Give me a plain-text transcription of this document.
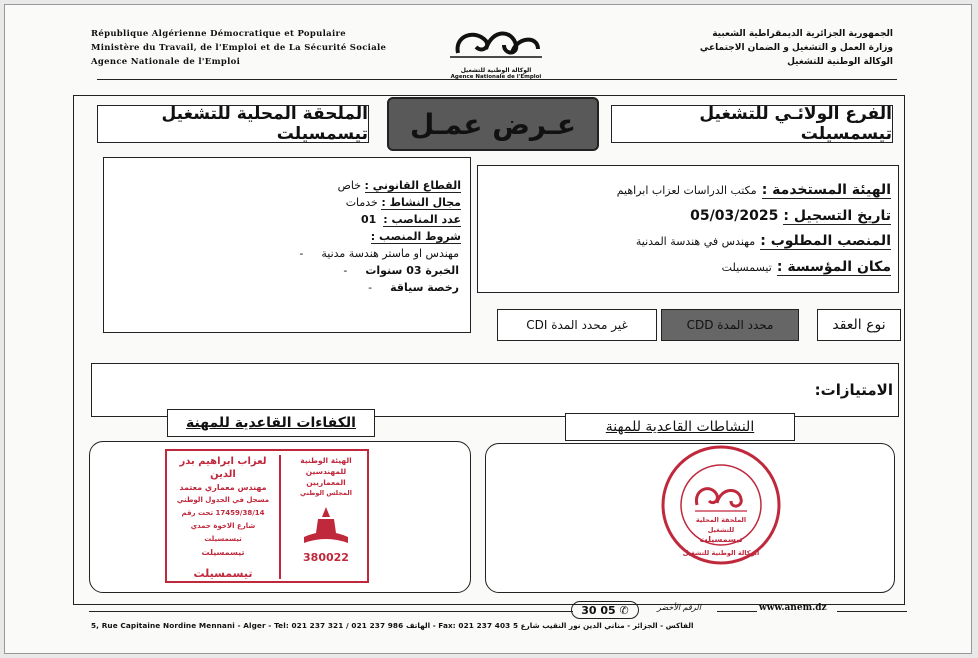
République Algérienne Démocratique et Populaire
Ministère du Travail, de l'Emploi et de La Sécurité Sociale
Agence Nationale de l'Emploi
الوكالة الوطنية للتشغيل
Agence Nationale de l'Emploi
الجمهورية الجزائرية الديمقراطية الشعبية
وزارة العمل و التشغيل و الضمان الاجتماعي
الوكالة الوطنية للتشغيل
الملحقة المحلية للتشغيل تيسمسيلت	عـرض عمـل	الفرع الولائـي للتشغيل تيسمسيلت
القطاع القانوني : خاص
مجال النشاط : خدمات
عدد المناصب :  01
شروط المنصب :
مهندس او ماستر هندسة مدنية-
الخبرة 03 سنوات-
رخصة سياقة-
الهيئة المستخدمة : مكتب الدراسات لعزاب ابراهيم
تاريخ التسجيل : 05/03/2025
المنصب المطلوب : مهندس في هندسة المدنية
مكان المؤسسة : تيسمسيلت
غير محدد المدة CDI	محدد المدة CDD	نوع العقد
الامتيازات:
الكفاءات القاعدية للمهنة	النشاطات القاعدية للمهنة
لعزاب ابراهيم بدر الدين
مهندس معماري معتمد
مسجل في الجدول الوطني
17459/38/14 تحت رقم
شارع الاخوة حمدي تيسمسيلت
تيسمسيلت
تيسمسيلت
الهيئة الوطنية
للمهندسين المعماريين
المجلس الوطني
380022
الملحقة المحلية للتشغيل
تيسمسيلت
الوكالة الوطنية للتشغيل
30 05
✆	الرقم الأخضر	www.anem.dz
5, Rue Capitaine Nordine Mennani - Alger - Tel: 021 237 321 / 021 237 986 الهاتف - Fax: 021 237 403 الفاكس - الجزائر - مناني الدين نور النقيب شارع 5
